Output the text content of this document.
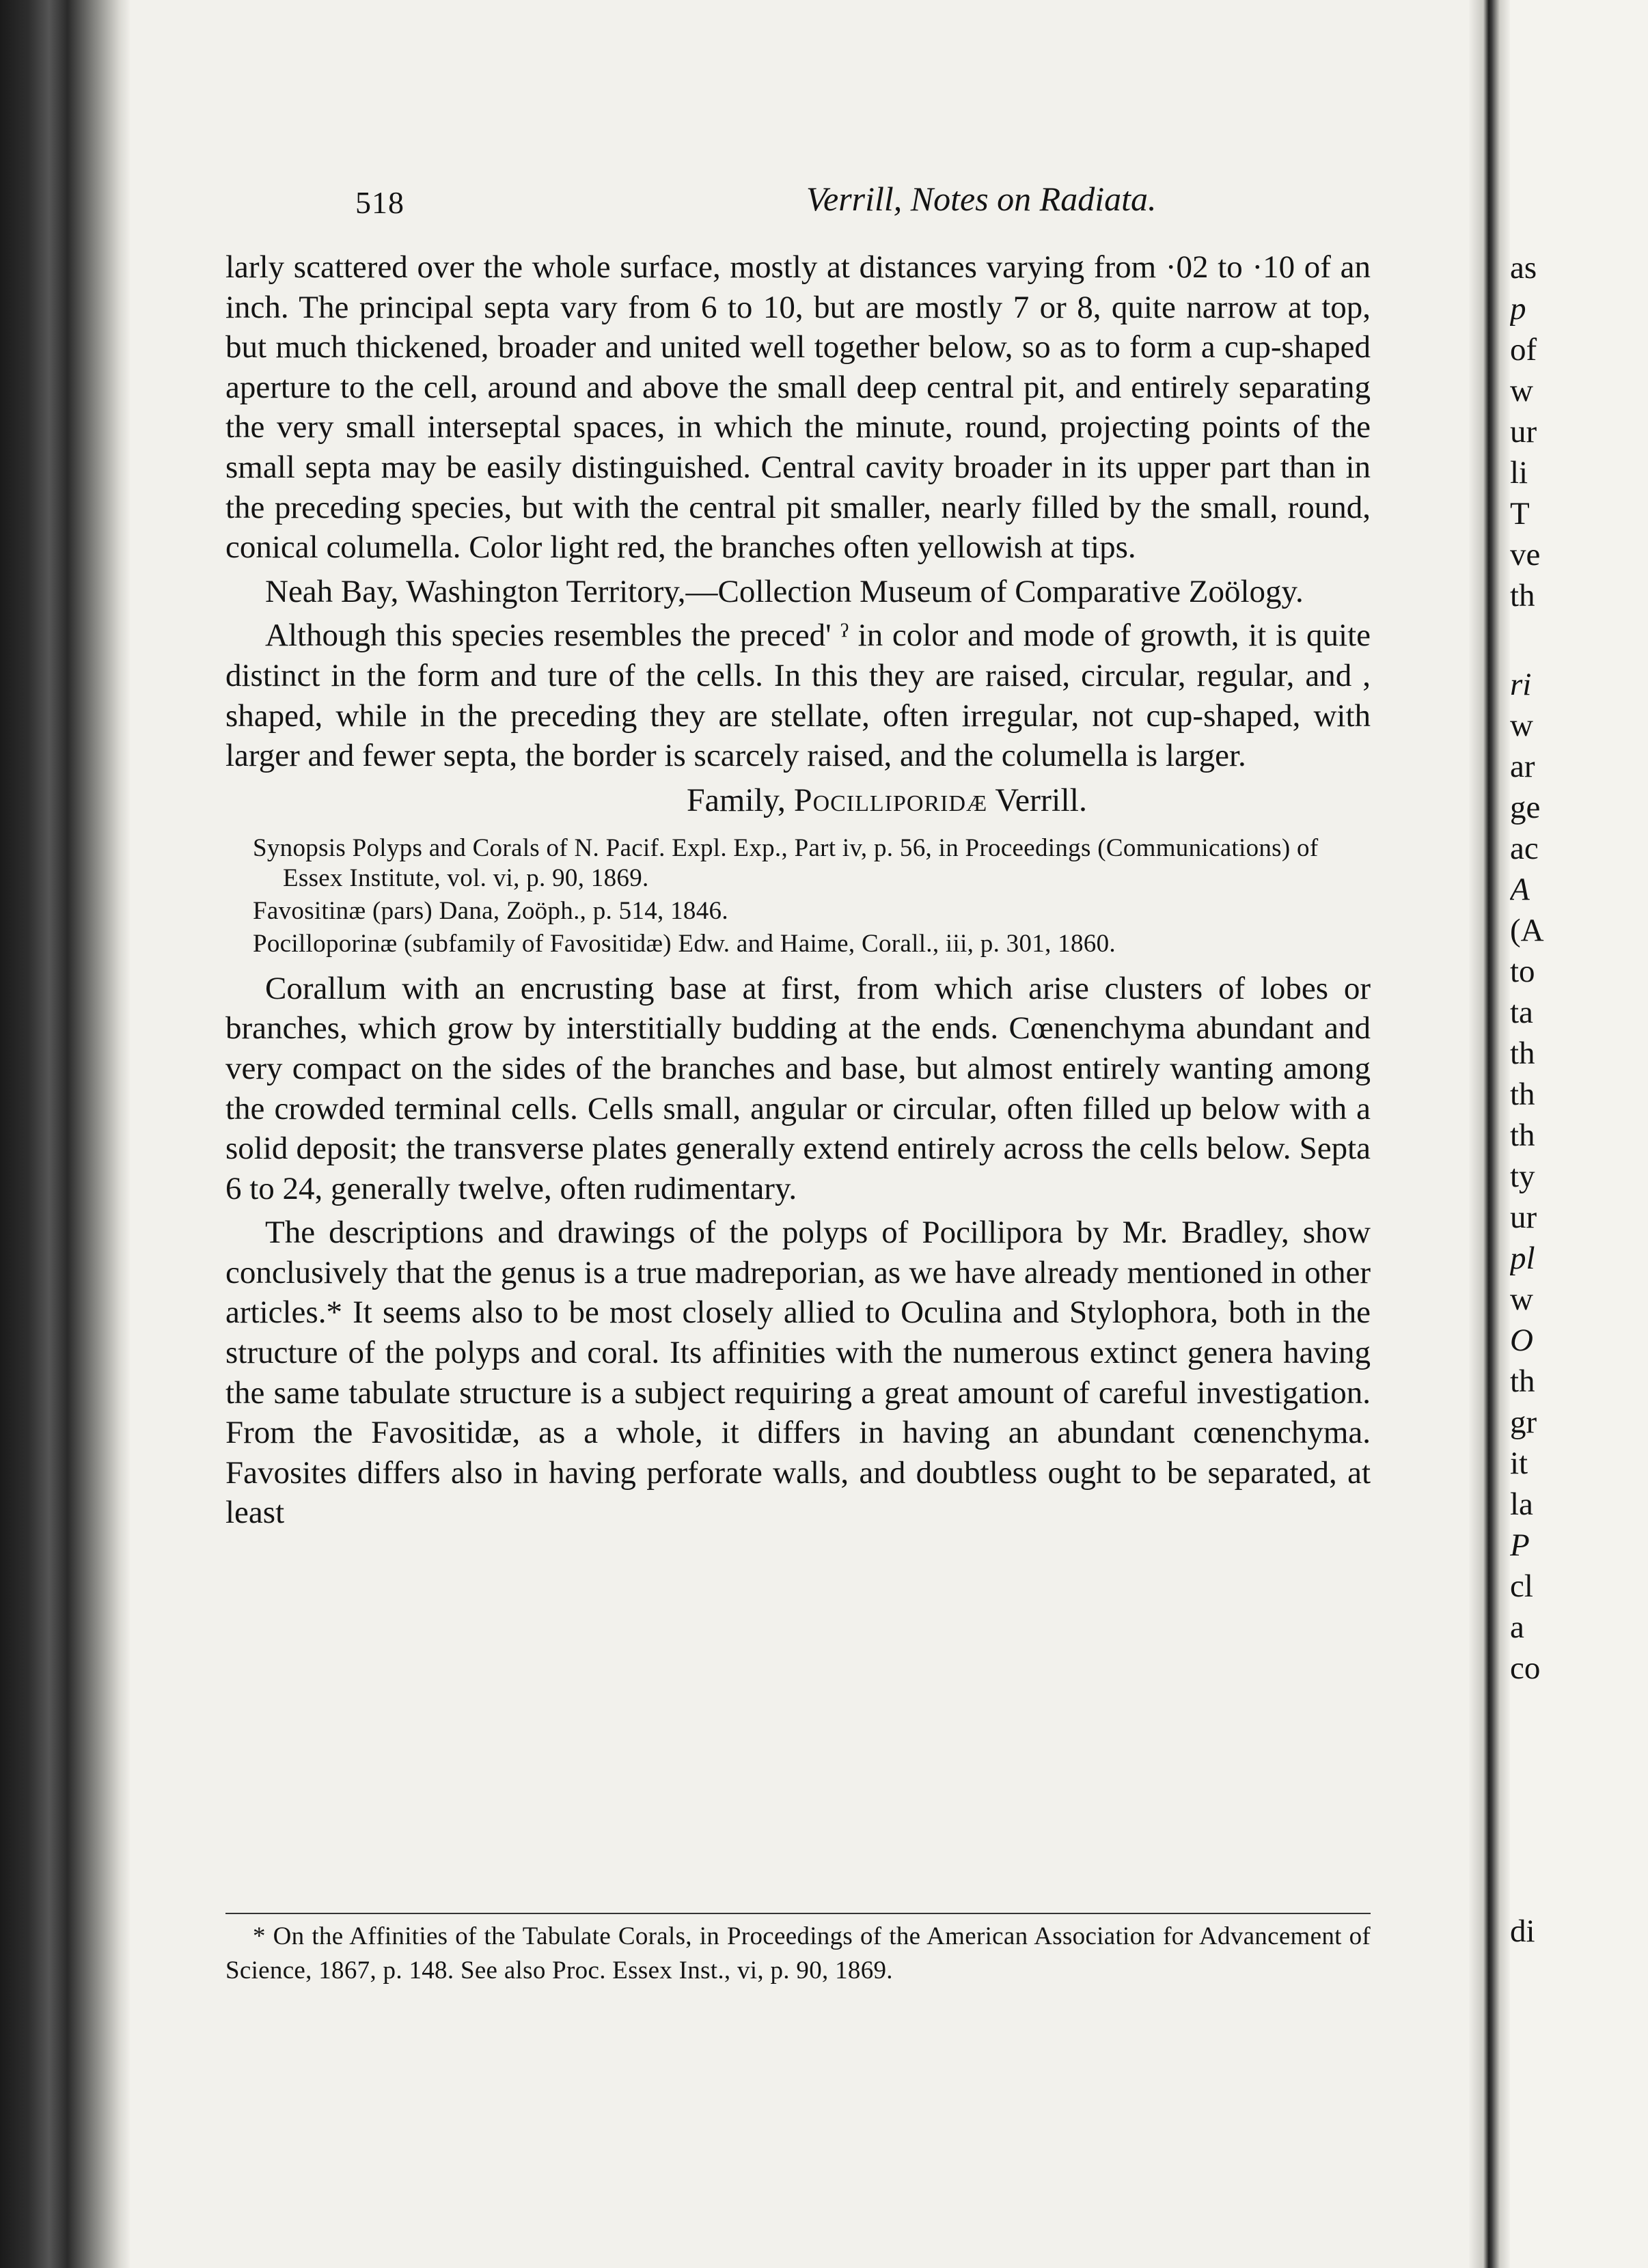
518	Verrill, Notes on Radiata.

larly scattered over the whole surface, mostly at distances varying from ·02 to ·10 of an inch. The principal septa vary from 6 to 10, but are mostly 7 or 8, quite narrow at top, but much thickened, broader and united well together below, so as to form a cup-shaped aperture to the cell, around and above the small deep central pit, and entirely separating the very small interseptal spaces, in which the minute, round, projecting points of the small septa may be easily distinguished. Central cavity broader in its upper part than in the preceding species, but with the central pit smaller, nearly filled by the small, round, conical columella. Color light red, the branches often yellowish at tips.

Neah Bay, Washington Territory,—Collection Museum of Comparative Zoölogy.

Although this species resembles the preced' ˀ in color and mode of growth, it is quite distinct in the form and ture of the cells. In this they are raised, circular, regular, and , shaped, while in the preceding they are stellate, often irregular, not cup-shaped, with larger and fewer septa, the border is scarcely raised, and the columella is larger.

Family, Pocilliporidæ Verrill.

Synopsis Polyps and Corals of N. Pacif. Expl. Exp., Part iv, p. 56, in Proceedings (Communications) of Essex Institute, vol. vi, p. 90, 1869.

Favositinæ (pars) Dana, Zoöph., p. 514, 1846.

Pocilloporinæ (subfamily of Favositidæ) Edw. and Haime, Corall., iii, p. 301, 1860.

Corallum with an encrusting base at first, from which arise clusters of lobes or branches, which grow by interstitially budding at the ends. Cœnenchyma abundant and very compact on the sides of the branches and base, but almost entirely wanting among the crowded terminal cells. Cells small, angular or circular, often filled up below with a solid deposit; the transverse plates generally extend entirely across the cells below. Septa 6 to 24, generally twelve, often rudimentary.

The descriptions and drawings of the polyps of Pocillipora by Mr. Bradley, show conclusively that the genus is a true madreporian, as we have already mentioned in other articles.* It seems also to be most closely allied to Oculina and Stylophora, both in the structure of the polyps and coral. Its affinities with the numerous extinct genera having the same tabulate structure is a subject requiring a great amount of careful investigation. From the Favositidæ, as a whole, it differs in having an abundant cœnenchyma. Favosites differs also in having perforate walls, and doubtless ought to be separated, at least

* On the Affinities of the Tabulate Corals, in Proceedings of the American Association for Advancement of Science, 1867, p. 148. See also Proc. Essex Inst., vi, p. 90, 1869.

as
p
of
w
ur
li
T
ve
th
ri
w
ar
ge
ac
A
(A
to
ta
th
th
th
ty
ur
pl
w
O
th
gr
it
la
P
cl
a
co
di
